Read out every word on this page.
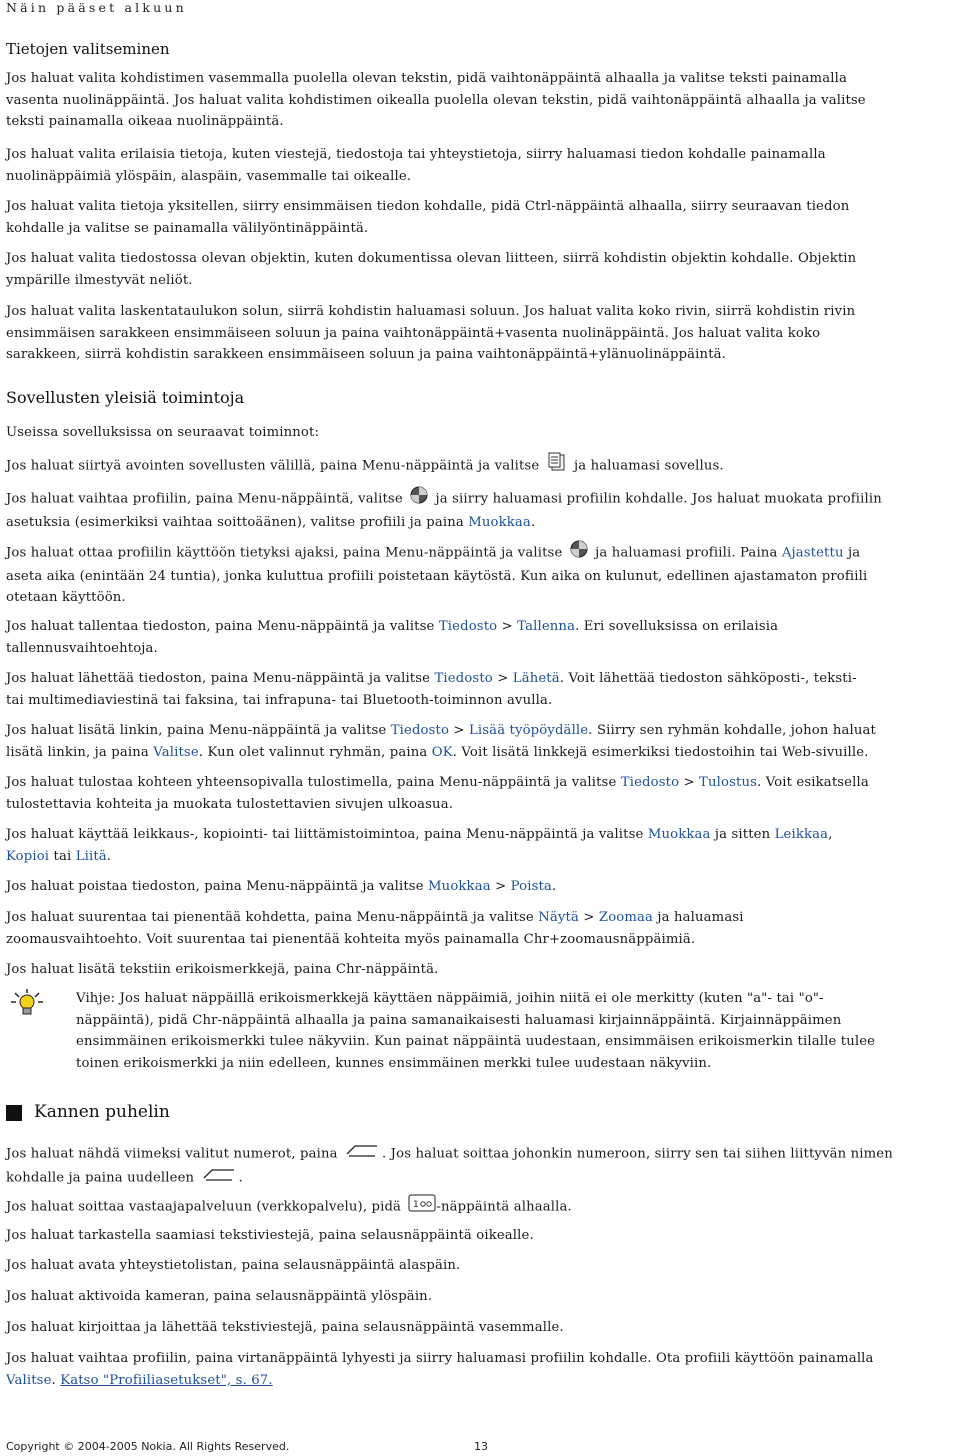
Näin pääset alkuun
Tietojen valitseminen
Jos haluat valita kohdistimen vasemmalla puolella olevan tekstin, pidä vaihtonäppäintä alhaalla ja valitse teksti painamalla
vasenta nuolinäppäintä. Jos haluat valita kohdistimen oikealla puolella olevan tekstin, pidä vaihtonäppäintä alhaalla ja valitse
teksti painamalla oikeaa nuolinäppäintä.
Jos haluat valita erilaisia tietoja, kuten viestejä, tiedostoja tai yhteystietoja, siirry haluamasi tiedon kohdalle painamalla
nuolinäppäimiä ylöspäin, alaspäin, vasemmalle tai oikealle.
Jos haluat valita tietoja yksitellen, siirry ensimmäisen tiedon kohdalle, pidä Ctrl-näppäintä alhaalla, siirry seuraavan tiedon
kohdalle ja valitse se painamalla välilyöntinäppäintä.
Jos haluat valita tiedostossa olevan objektin, kuten dokumentissa olevan liitteen, siirrä kohdistin objektin kohdalle. Objektin
ympärille ilmestyvät neliöt.
Jos haluat valita laskentataulukon solun, siirrä kohdistin haluamasi soluun. Jos haluat valita koko rivin, siirrä kohdistin rivin
ensimmäisen sarakkeen ensimmäiseen soluun ja paina vaihtonäppäintä+vasenta nuolinäppäintä. Jos haluat valita koko
sarakkeen, siirrä kohdistin sarakkeen ensimmäiseen soluun ja paina vaihtonäppäintä+ylänuolinäppäintä.
Sovellusten yleisiä toimintoja
Useissa sovelluksissa on seuraavat toiminnot:
Jos haluat siirtyä avointen sovellusten välillä, paina Menu-näppäintä ja valitse	ja haluamasi sovellus.
Jos haluat vaihtaa profiilin, paina Menu-näppäintä, valitse ja siirry haluamasi profiilin kohdalle. Jos haluat muokata profiilin
asetuksia (esimerkiksi vaihtaa soittoäänen), valitse profiili ja paina Muokkaa.
Jos haluat ottaa profiilin käyttöön tietyksi ajaksi, paina Menu-näppäintä ja valitse ja haluamasi profiili. Paina Ajastettu ja
aseta aika (enintään 24 tuntia), jonka kuluttua profiili poistetaan käytöstä. Kun aika on kulunut, edellinen ajastamaton profiili
otetaan käyttöön.
Jos haluat tallentaa tiedoston, paina Menu-näppäintä ja valitse Tiedosto > Tallenna. Eri sovelluksissa on erilaisia
tallennusvaihtoehtoja.
Jos haluat lähettää tiedoston, paina Menu-näppäintä ja valitse Tiedosto > Lähetä. Voit lähettää tiedoston sähköposti-, teksti-
tai multimediaviestinä tai faksina, tai infrapuna- tai Bluetooth-toiminnon avulla.
Jos haluat lisätä linkin, paina Menu-näppäintä ja valitse Tiedosto > Lisää työpöydälle. Siirry sen ryhmän kohdalle, johon haluat
lisätä linkin, ja paina Valitse. Kun olet valinnut ryhmän, paina OK. Voit lisätä linkkejä esimerkiksi tiedostoihin tai Web-sivuille.
Jos haluat tulostaa kohteen yhteensopivalla tulostimella, paina Menu-näppäintä ja valitse Tiedosto > Tulostus. Voit esikatsella
tulostettavia kohteita ja muokata tulostettavien sivujen ulkoasua.
Jos haluat käyttää leikkaus-, kopiointi- tai liittämistoimintoa, paina Menu-näppäintä ja valitse Muokkaa ja sitten Leikkaa,
Kopioi tai Liitä.
Jos haluat poistaa tiedoston, paina Menu-näppäintä ja valitse Muokkaa > Poista.
Jos haluat suurentaa tai pienentää kohdetta, paina Menu-näppäintä ja valitse Näytä > Zoomaa ja haluamasi
zoomausvaihtoehto. Voit suurentaa tai pienentää kohteita myös painamalla Chr+zoomausnäppäimiä.
Jos haluat lisätä tekstiin erikoismerkkejä, paina Chr-näppäintä.
Vihje: Jos haluat näppäillä erikoismerkkejä käyttäen näppäimiä, joihin niitä ei ole merkitty (kuten "a"- tai "o"-
näppäintä), pidä Chr-näppäintä alhaalla ja paina samanaikaisesti haluamasi kirjainnäppäintä. Kirjainnäppäimen
ensimmäinen erikoismerkki tulee näkyviin. Kun painat näppäintä uudestaan, ensimmäisen erikoismerkin tilalle tulee
toinen erikoismerkki ja niin edelleen, kunnes ensimmäinen merkki tulee uudestaan näkyviin.
Kannen puhelin
Jos haluat nähdä viimeksi valitut numerot, paina	. Jos haluat soittaa johonkin numeroon, siirry sen tai siihen liittyvän nimen
kohdalle ja paina uudelleen	.
Jos haluat soittaa vastaajapalveluun (verkkopalvelu), pidä 1 -näppäintä alhaalla.
Jos haluat tarkastella saamiasi tekstiviestejä, paina selausnäppäintä oikealle.
Jos haluat avata yhteystietolistan, paina selausnäppäintä alaspäin.
Jos haluat aktivoida kameran, paina selausnäppäintä ylöspäin.
Jos haluat kirjoittaa ja lähettää tekstiviestejä, paina selausnäppäintä vasemmalle.
Jos haluat vaihtaa profiilin, paina virtanäppäintä lyhyesti ja siirry haluamasi profiilin kohdalle. Ota profiili käyttöön painamalla
Valitse. Katso "Profiiliasetukset", s. 67.
Copyright © 2004-2005 Nokia. All Rights Reserved.	13
